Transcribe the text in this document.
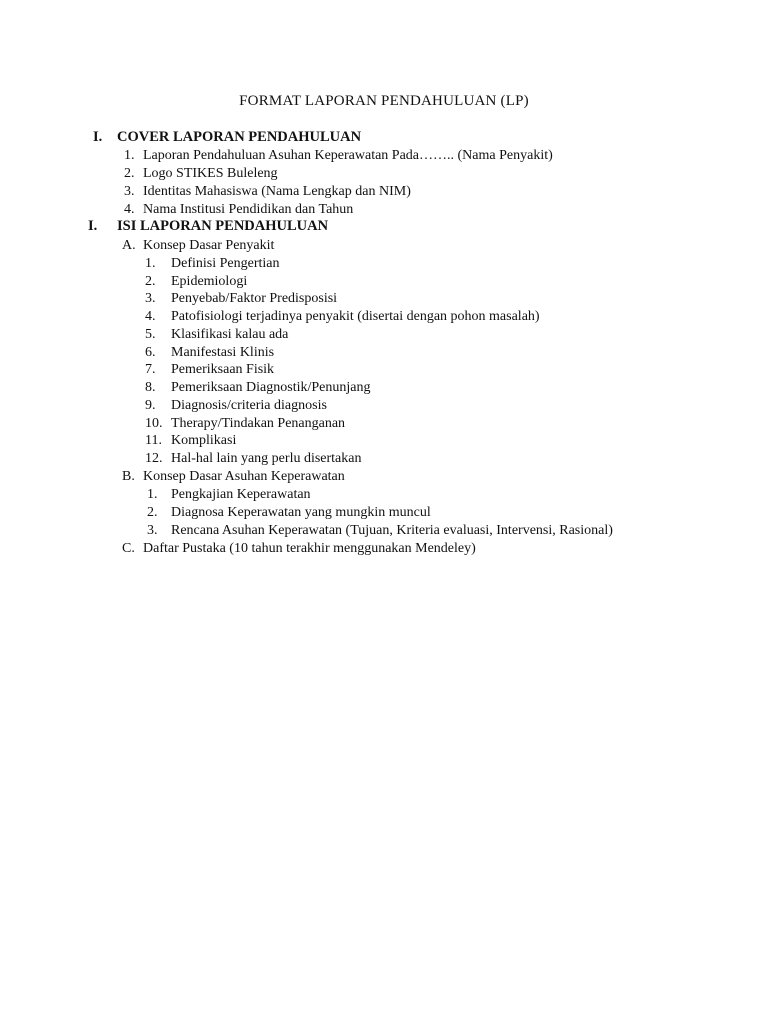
FORMAT LAPORAN PENDAHULUAN (LP)
I. COVER LAPORAN PENDAHULUAN
1. Laporan Pendahuluan Asuhan Keperawatan Pada…….. (Nama Penyakit)
2. Logo STIKES Buleleng
3. Identitas Mahasiswa (Nama Lengkap dan NIM)
4. Nama Institusi Pendidikan dan Tahun
I. ISI LAPORAN PENDAHULUAN
A. Konsep Dasar Penyakit
1. Definisi Pengertian
2. Epidemiologi
3. Penyebab/Faktor Predisposisi
4. Patofisiologi terjadinya penyakit (disertai dengan pohon masalah)
5. Klasifikasi kalau ada
6. Manifestasi Klinis
7. Pemeriksaan Fisik
8. Pemeriksaan Diagnostik/Penunjang
9. Diagnosis/criteria diagnosis
10. Therapy/Tindakan Penanganan
11. Komplikasi
12. Hal-hal lain yang perlu disertakan
B. Konsep Dasar Asuhan Keperawatan
1. Pengkajian Keperawatan
2. Diagnosa Keperawatan yang mungkin muncul
3. Rencana Asuhan Keperawatan (Tujuan, Kriteria evaluasi, Intervensi, Rasional)
C. Daftar Pustaka (10 tahun terakhir menggunakan Mendeley)
